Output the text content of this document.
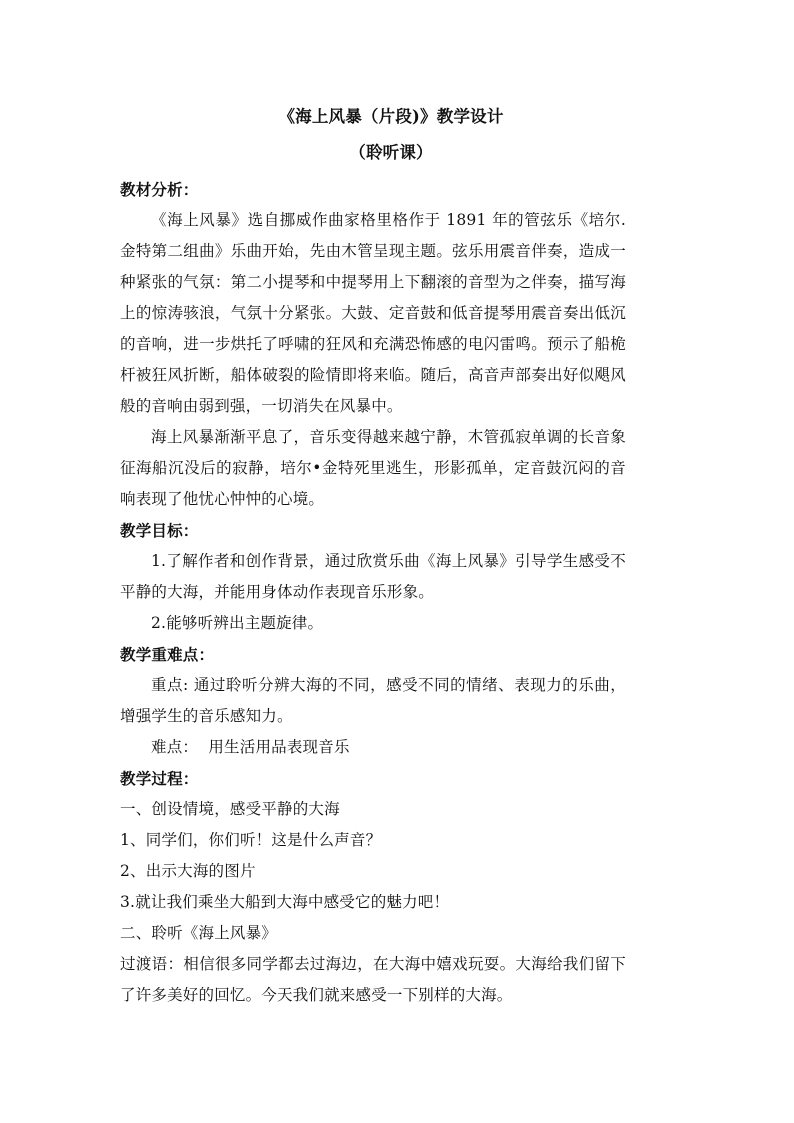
《海上风暴（片段)》教学设计

（聆听课）

教材分析：

《海上风暴》选自挪威作曲家格里格作于 1891 年的管弦乐《培尔.金特第二组曲》乐曲开始，先由木管呈现主题。弦乐用震音伴奏，造成一种紧张的气氛：第二小提琴和中提琴用上下翻滚的音型为之伴奏，描写海上的惊涛骇浪，气氛十分紧张。大鼓、定音鼓和低音提琴用震音奏出低沉的音响，进一步烘托了呼啸的狂风和充满恐怖感的电闪雷鸣。预示了船桅杆被狂风折断，船体破裂的险情即将来临。随后，高音声部奏出好似飓风般的音响由弱到强，一切消失在风暴中。

海上风暴渐渐平息了，音乐变得越来越宁静，木管孤寂单调的长音象征海船沉没后的寂静，培尔•金特死里逃生，形影孤单，定音鼓沉闷的音响表现了他忧心忡忡的心境。

教学目标：

1.了解作者和创作背景，通过欣赏乐曲《海上风暴》引导学生感受不平静的大海，并能用身体动作表现音乐形象。

2.能够听辨出主题旋律。

教学重难点：

重点: 通过聆听分辨大海的不同，感受不同的情绪、表现力的乐曲，增强学生的音乐感知力。

难点：  用生活用品表现音乐

教学过程：

一、创设情境，感受平静的大海

1、同学们，你们听！这是什么声音？

2、出示大海的图片

3.就让我们乘坐大船到大海中感受它的魅力吧！

二、聆听《海上风暴》

过渡语：相信很多同学都去过海边，在大海中嬉戏玩耍。大海给我们留下了许多美好的回忆。今天我们就来感受一下别样的大海。
